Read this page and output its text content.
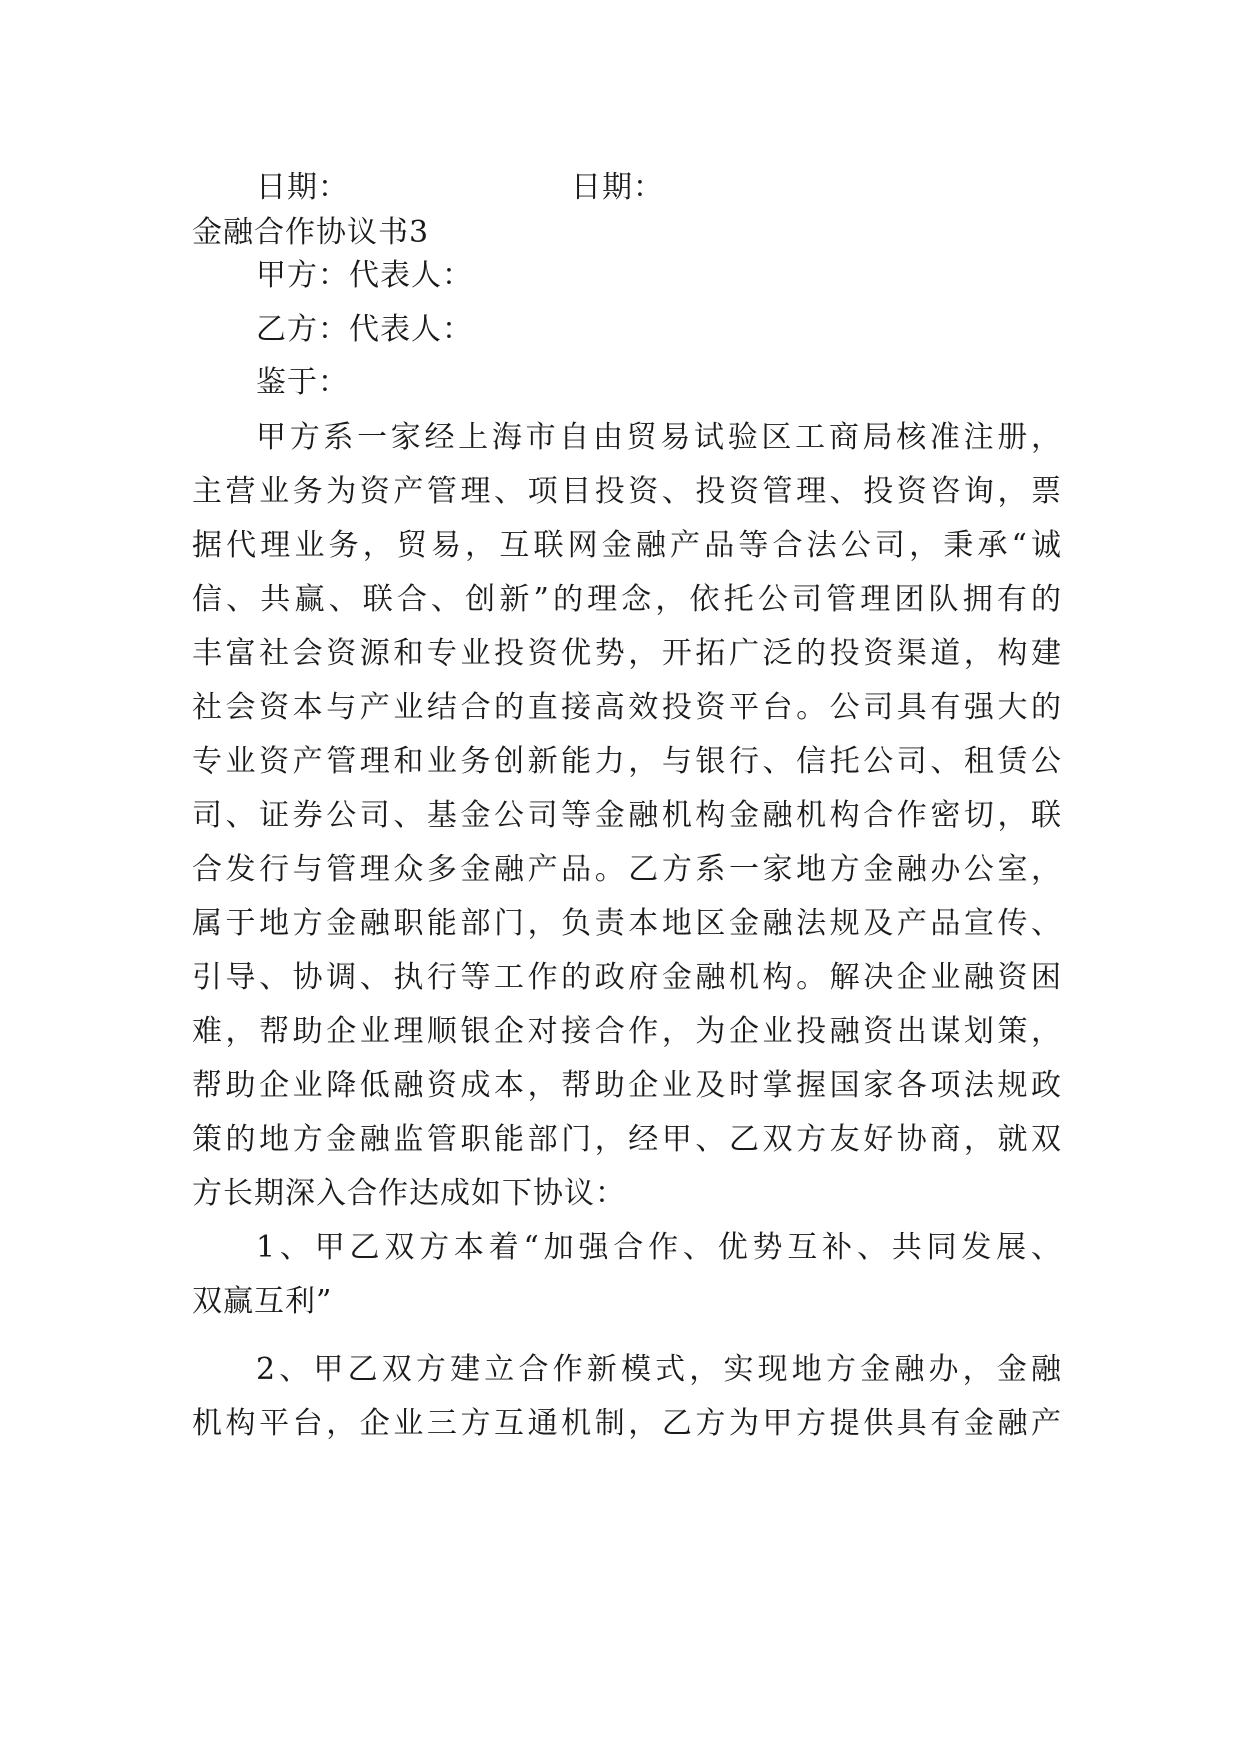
日期：	日期：
金融合作协议书3
甲方：代表人：
乙方：代表人：
鉴于：
甲方系一家经上海市自由贸易试验区工商局核准注册，
主营业务为资产管理、项目投资、投资管理、投资咨询，票
据代理业务，贸易，互联网金融产品等合法公司，秉承“诚
信、共赢、联合、创新”的理念，依托公司管理团队拥有的
丰富社会资源和专业投资优势，开拓广泛的投资渠道，构建
社会资本与产业结合的直接高效投资平台。公司具有强大的
专业资产管理和业务创新能力，与银行、信托公司、租赁公
司、证券公司、基金公司等金融机构金融机构合作密切，联
合发行与管理众多金融产品。乙方系一家地方金融办公室，
属于地方金融职能部门，负责本地区金融法规及产品宣传、
引导、协调、执行等工作的政府金融机构。解决企业融资困
难，帮助企业理顺银企对接合作，为企业投融资出谋划策，
帮助企业降低融资成本，帮助企业及时掌握国家各项法规政
策的地方金融监管职能部门，经甲、乙双方友好协商，就双
方长期深入合作达成如下协议：
1、甲乙双方本着“加强合作、优势互补、共同发展、
双赢互利”
2、甲乙双方建立合作新模式，实现地方金融办，金融
机构平台，企业三方互通机制，乙方为甲方提供具有金融产
